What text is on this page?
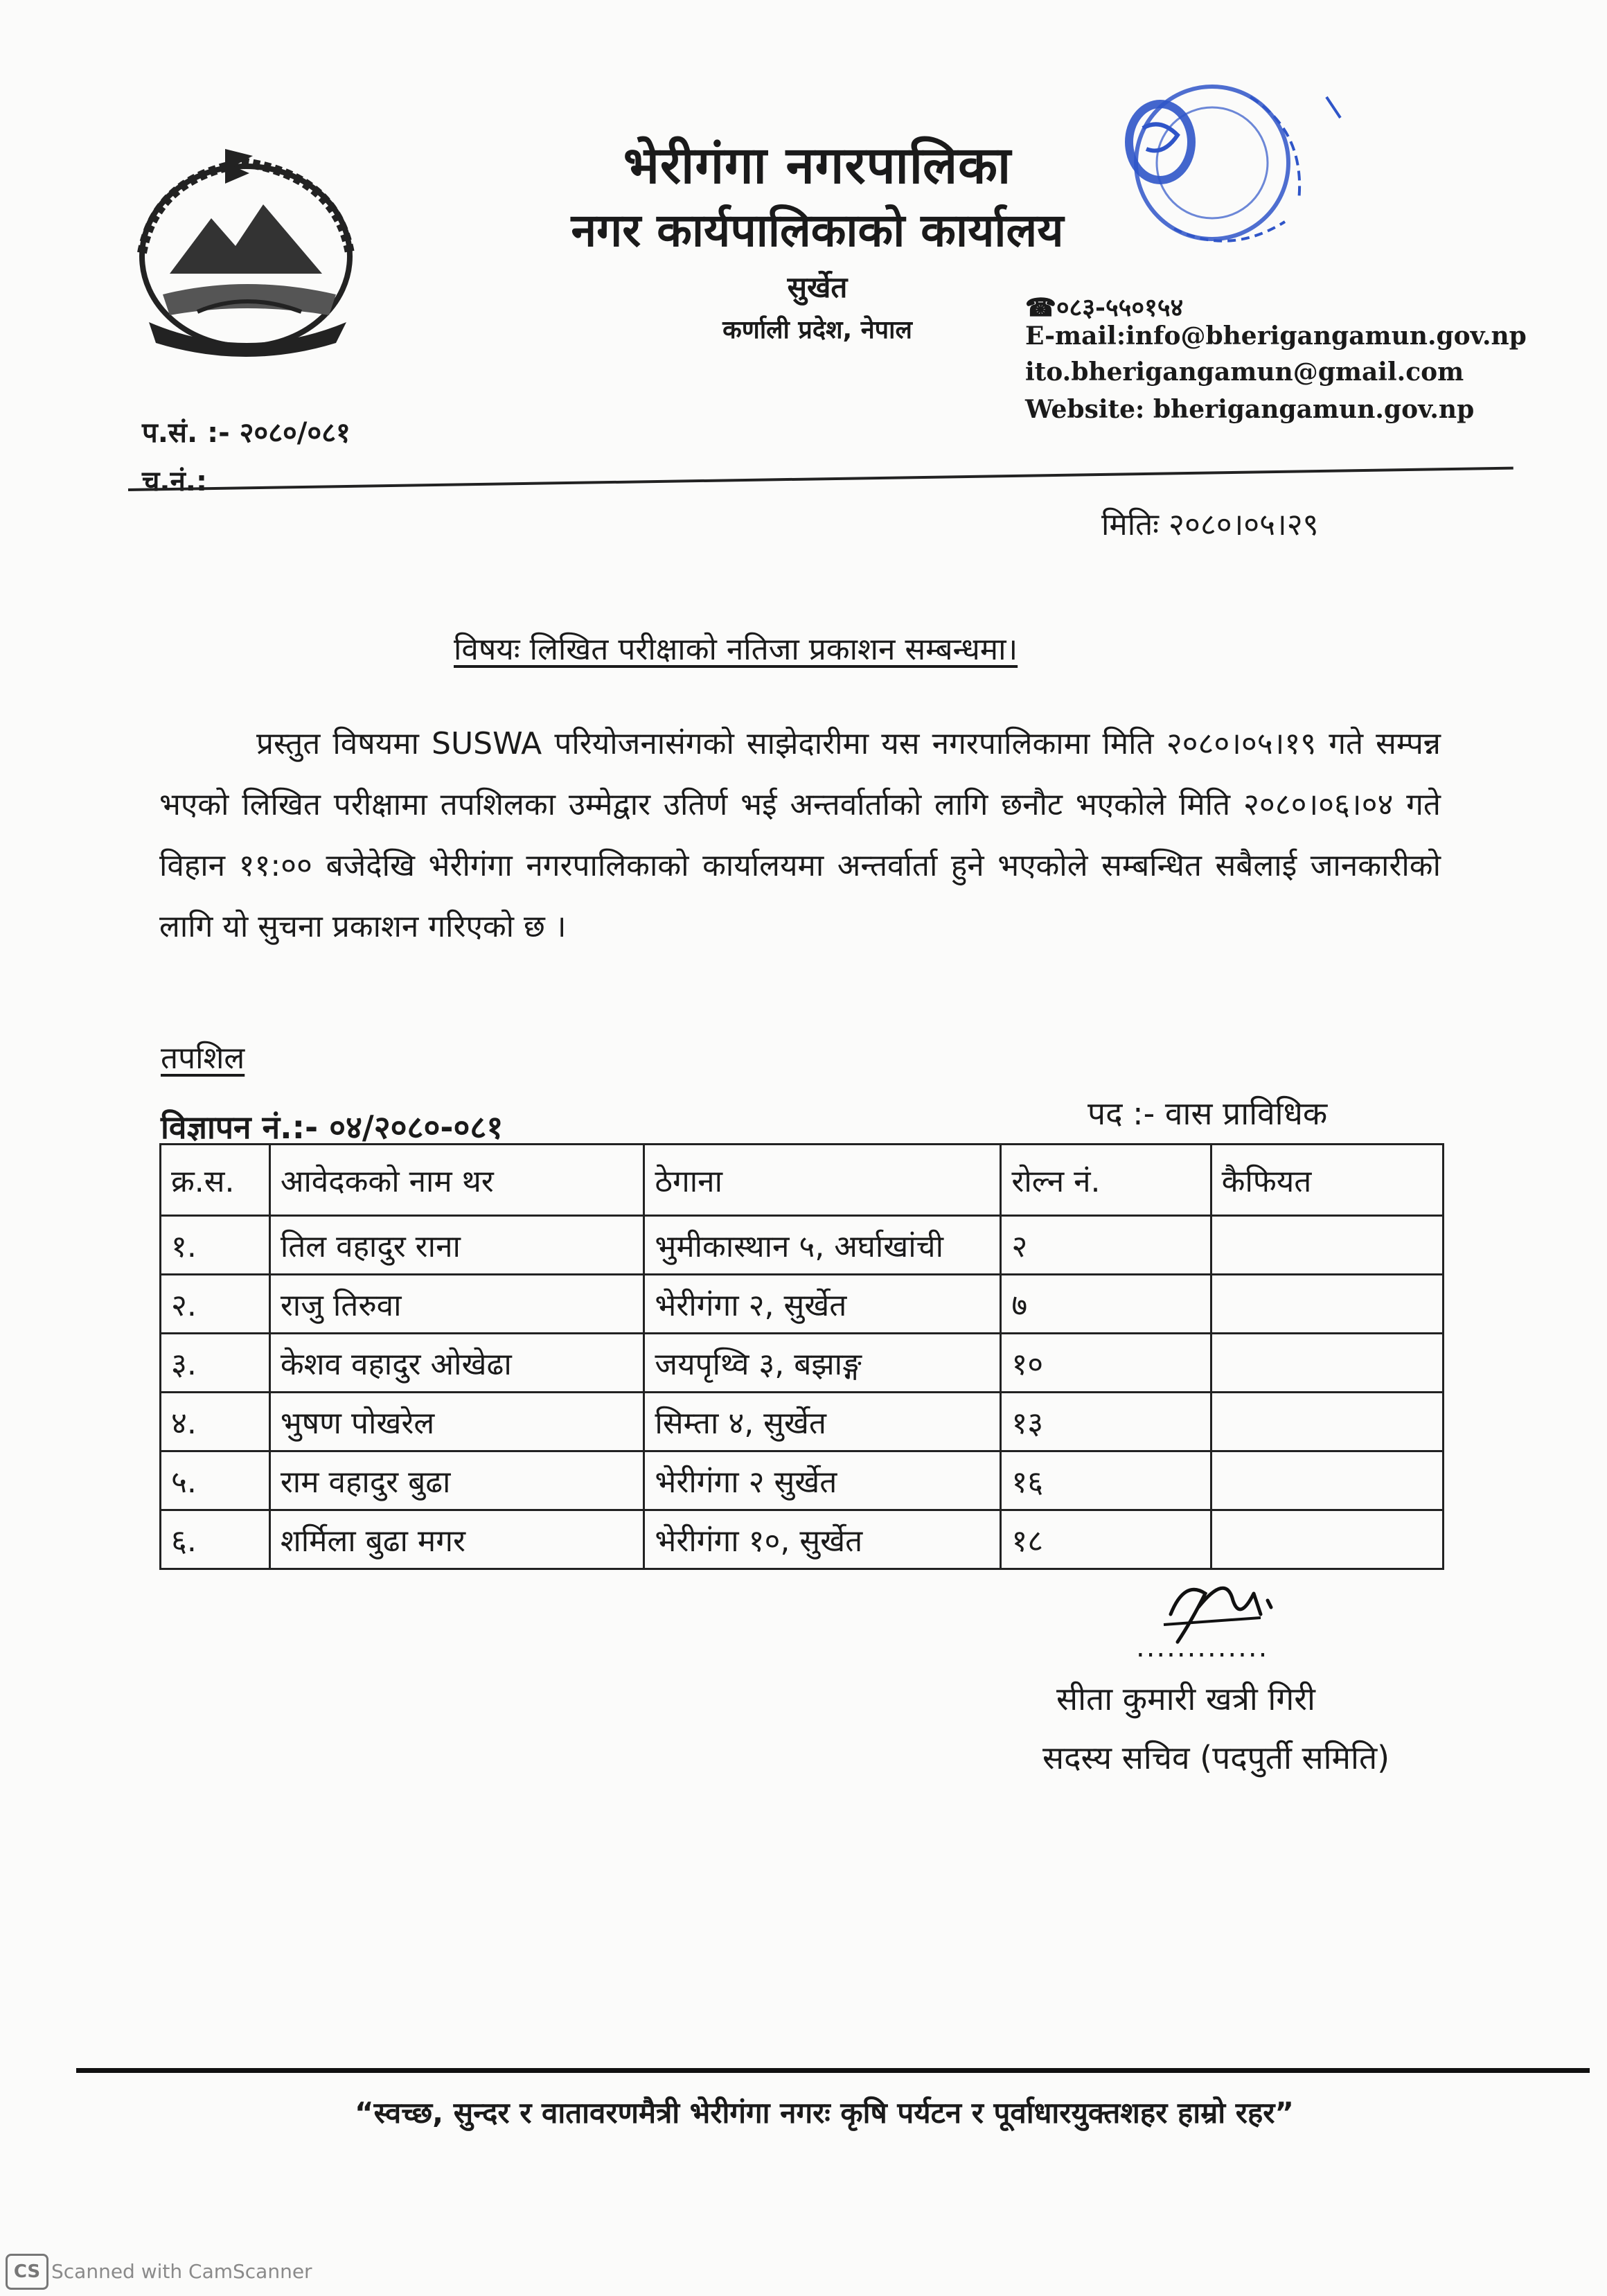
भेरीगंगा नगरपालिका
नगर कार्यपालिकाको कार्यालय
सुर्खेत
कर्णाली प्रदेश, नेपाल
☎०८३-५५०१५४
E-mail:info@bherigangamun.gov.np
ito.bherigangamun@gmail.com
Website: bherigangamun.gov.np
प.सं. :- २०८०/०८१
च.नं.:
मितिः २०८०।०५।२९
विषयः लिखित परीक्षाको नतिजा प्रकाशन सम्बन्धमा।
प्रस्तुत विषयमा SUSWA परियोजनासंगको साझेदारीमा यस नगरपालिकामा मिति २०८०।०५।१९ गते सम्पन्न भएको लिखित परीक्षामा तपशिलका उम्मेद्वार उतिर्ण भई अन्तर्वार्ताको लागि छनौट भएकोले मिति २०८०।०६।०४ गते विहान ११:०० बजेदेखि भेरीगंगा नगरपालिकाको कार्यालयमा अन्तर्वार्ता हुने भएकोले सम्बन्धित सबैलाई जानकारीको लागि यो सुचना प्रकाशन गरिएको छ ।
तपशिल
विज्ञापन नं.:- ०४/२०८०-०८१	पद :- वास प्राविधिक
क्र.स.	आवेदकको नाम थर	ठेगाना	रोल्न नं.	कैफियत
१.	तिल वहादुर राना	भुमीकास्थान ५, अर्घाखांची	२	
२.	राजु तिरुवा	भेरीगंगा २, सुर्खेत	७	
३.	केशव वहादुर ओखेढा	जयपृथ्वि ३, बझाङ्ग	१०	
४.	भुषण पोखरेल	सिम्ता ४, सुर्खेत	१३	
५.	राम वहादुर बुढा	भेरीगंगा २ सुर्खेत	१६	
६.	शर्मिला बुढा मगर	भेरीगंगा १०, सुर्खेत	१८	
.............
सीता कुमारी खत्री गिरी
सदस्य सचिव (पदपुर्ती समिति)
“स्वच्छ, सुन्दर र वातावरणमैत्री भेरीगंगा नगरः कृषि पर्यटन र पूर्वाधारयुक्तशहर हाम्रो रहर”
CS Scanned with CamScanner
